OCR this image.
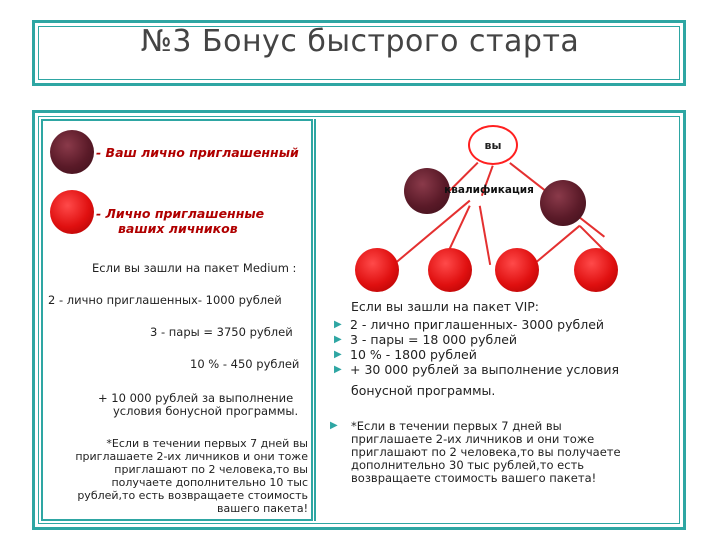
№3 Бонус быстрого старта
- Ваш лично приглашенный
- Лично приглашенные
ваших личников
Если вы зашли на пакет Medium :
2 - лично приглашенных- 1000 рублей
3 - пары = 3750 рублей
10 % - 450 рублей
+ 10 000 рублей за выполнение
условия бонусной программы.
*Если в течении первых 7 дней вы
приглашаете 2-их личников и они тоже
приглашают по 2 человека,то вы
получаете дополнительно 10 тыс
рублей,то есть возвращаете стоимость
вашего пакета!
вы
квалификация
Если вы зашли на пакет VIP:
▶ 2 - лично приглашенных- 3000 рублей
▶ 3 - пары = 18 000 рублей
▶ 10 % - 1800 рублей
▶ + 30 000 рублей за выполнение условия
бонусной программы.
▶	*Если в течении первых 7 дней вы
приглашаете 2-их личников и они тоже
приглашают по 2 человека,то вы получаете
дополнительно 30 тыс рублей,то есть
возвращаете стоимость вашего пакета!
